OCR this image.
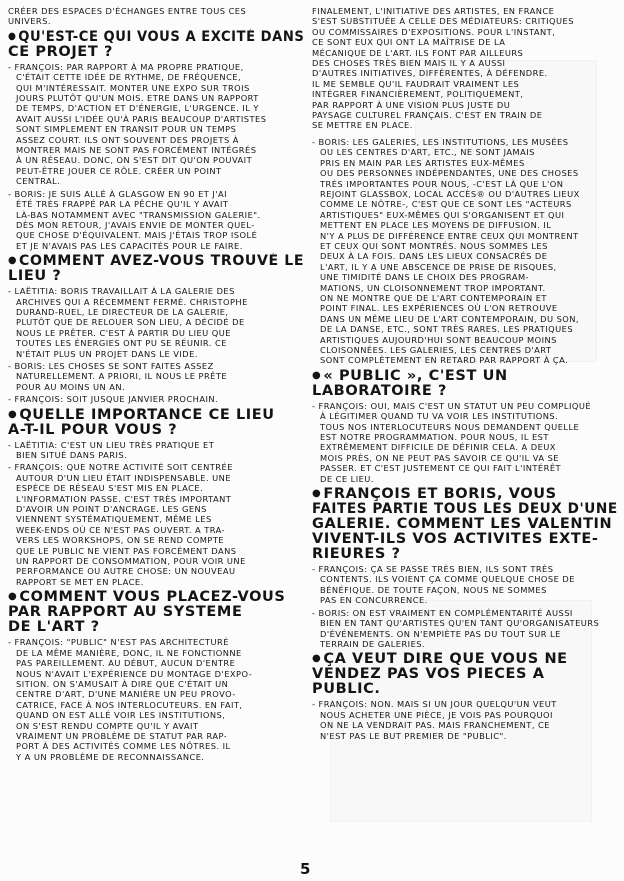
CRÉER DES ESPACES D'ÉCHANGES ENTRE TOUS CES
UNIVERS.
● QU'EST-CE QUI VOUS A EXCITÉ DANS
CE PROJET ?
- FRANÇOIS: PAR RAPPORT À MA PROPRE PRATIQUE,
C'ÉTAIT CETTE IDÉE DE RYTHME, DE FRÉQUENCE,
QUI M'INTÉRESSAIT. MONTER UNE EXPO SUR TROIS
JOURS PLUTÔT QU'UN MOIS. ETRE DANS UN RAPPORT
DE TEMPS, D'ACTION ET D'ÉNERGIE, L'URGENCE. IL Y
AVAIT AUSSI L'IDÉE QU'À PARIS BEAUCOUP D'ARTISTES
SONT SIMPLEMENT EN TRANSIT POUR UN TEMPS
ASSEZ COURT. ILS ONT SOUVENT DES PROJETS À
MONTRER MAIS NE SONT PAS FORCÉMENT INTÉGRÉS
À UN RÉSEAU. DONC, ON S'EST DIT QU'ON POUVAIT
PEUT-ÊTRE JOUER CE RÔLE. CRÉER UN POINT
CENTRAL.
- BORIS: JE SUIS ALLÉ À GLASGOW EN 90 ET J'AI
ÉTÉ TRÈS FRAPPÉ PAR LA PÊCHE QU'IL Y AVAIT
LÀ-BAS NOTAMMENT AVEC "TRANSMISSION GALERIE".
DÈS MON RETOUR, J'AVAIS ENVIE DE MONTER QUEL-
QUE CHOSE D'ÉQUIVALENT. MAIS J'ÉTAIS TROP ISOLÉ
ET JE N'AVAIS PAS LES CAPACITÉS POUR LE FAIRE.
● COMMENT AVEZ-VOUS TROUVÉ LE
LIEU ?
- LAËTITIA: BORIS TRAVAILLAIT À LA GALERIE DES
ARCHIVES QUI A RÉCEMMENT FERMÉ. CHRISTOPHE
DURAND-RUEL, LE DIRECTEUR DE LA GALERIE,
PLUTÔT QUE DE RELOUER SON LIEU, A DÉCIDÉ DE
NOUS LE PRÊTER. C'EST À PARTIR DU LIEU QUE
TOUTES LES ÉNERGIES ONT PU SE RÉUNIR. CE
N'ÉTAIT PLUS UN PROJET DANS LE VIDE.
- BORIS: LES CHOSES SE SONT FAITES ASSEZ
NATURELLEMENT. A PRIORI, IL NOUS LE PRÊTE
POUR AU MOINS UN AN.
- FRANÇOIS: SOIT JUSQUE JANVIER PROCHAIN.
● QUELLE IMPORTANCE CE LIEU
A-T-IL POUR VOUS ?
- LAËTITIA: C'EST UN LIEU TRÈS PRATIQUE ET
BIEN SITUÉ DANS PARIS.
- FRANÇOIS: QUE NOTRE ACTIVITÉ SOIT CENTRÉE
AUTOUR D'UN LIEU ÉTAIT INDISPENSABLE. UNE
ESPÈCE DE RÉSEAU S'EST MIS EN PLACE.
L'INFORMATION PASSE. C'EST TRÈS IMPORTANT
D'AVOIR UN POINT D'ANCRAGE. LES GENS
VIENNENT SYSTÉMATIQUEMENT, MÊME LES
WEEK-ENDS OÙ CE N'EST PAS OUVERT. A TRA-
VERS LES WORKSHOPS, ON SE REND COMPTE
QUE LE PUBLIC NE VIENT PAS FORCÉMENT DANS
UN RAPPORT DE CONSOMMATION, POUR VOIR UNE
PERFORMANCE OU AUTRE CHOSE: UN NOUVEAU
RAPPORT SE MET EN PLACE.
● COMMENT VOUS PLACEZ-VOUS
PAR RAPPORT AU SYSTÈME
DE L'ART ?
- FRANÇOIS: "PUBLIC" N'EST PAS ARCHITECTURÉ
DE LA MÊME MANIÈRE, DONC, IL NE FONCTIONNE
PAS PAREILLEMENT. AU DÉBUT, AUCUN D'ENTRE
NOUS N'AVAIT L'EXPÉRIENCE DU MONTAGE D'EXPO-
SITION. ON S'AMUSAIT À DIRE QUE C'ÉTAIT UN
CENTRE D'ART, D'UNE MANIÈRE UN PEU PROVO-
CATRICE, FACE À NOS INTERLOCUTEURS. EN FAIT,
QUAND ON EST ALLÉ VOIR LES INSTITUTIONS,
ON S'EST RENDU COMPTE QU'IL Y AVAIT
VRAIMENT UN PROBLÈME DE STATUT PAR RAP-
PORT À DES ACTIVITÉS COMME LES NÔTRES. IL
Y A UN PROBLÈME DE RECONNAISSANCE.
FINALEMENT, L'INITIATIVE DES ARTISTES, EN FRANCE
S'EST SUBSTITUÉE À CELLE DES MÉDIATEURS: CRITIQUES
OU COMMISSAIRES D'EXPOSITIONS. POUR L'INSTANT,
CE SONT EUX QUI ONT LA MAÎTRISE DE LA
MÉCANIQUE DE L'ART. ILS FONT PAR AILLEURS
DES CHOSES TRÈS BIEN MAIS IL Y A AUSSI
D'AUTRES INITIATIVES, DIFFÉRENTES, À DÉFENDRE.
IL ME SEMBLE QU'IL FAUDRAIT VRAIMENT LES
INTÉGRER FINANCIÈREMENT, POLITIQUEMENT,
PAR RAPPORT À UNE VISION PLUS JUSTE DU
PAYSAGE CULTUREL FRANÇAIS. C'EST EN TRAIN DE
SE METTRE EN PLACE.
- BORIS: LES GALERIES, LES INSTITUTIONS, LES MUSÉES
OU LES CENTRES D'ART, ETC., NE SONT JAMAIS
PRIS EN MAIN PAR LES ARTISTES EUX-MÊMES
OU DES PERSONNES INDÉPENDANTES, UNE DES CHOSES
TRÈS IMPORTANTES POUR NOUS, -C'EST LÀ QUE L'ON
REJOINT GLASSBOX, LOCAL ACCÈS® OU D'AUTRES LIEUX
COMME LE NÔTRE-, C'EST QUE CE SONT LES "ACTEURS
ARTISTIQUES" EUX-MÊMES QUI S'ORGANISENT ET QUI
METTENT EN PLACE LES MOYENS DE DIFFUSION. IL
N'Y A PLUS DE DIFFÉRENCE ENTRE CEUX QUI MONTRENT
ET CEUX QUI SONT MONTRÉS. NOUS SOMMES LES
DEUX À LA FOIS. DANS LES LIEUX CONSACRÉS DE
L'ART, IL Y A UNE ABSCENCE DE PRISE DE RISQUES,
UNE TIMIDITÉ DANS LE CHOIX DES PROGRAM-
MATIONS, UN CLOISONNEMENT TROP IMPORTANT.
ON NE MONTRE QUE DE L'ART CONTEMPORAIN ET
POINT FINAL. LES EXPÉRIENCES OÙ L'ON RETROUVE
DANS UN MÊME LIEU DE L'ART CONTEMPORAIN, DU SON,
DE LA DANSE, ETC., SONT TRÈS RARES. LES PRATIQUES
ARTISTIQUES AUJOURD'HUI SONT BEAUCOUP MOINS
CLOISONNÉES. LES GALERIES, LES CENTRES D'ART
SONT COMPLÈTEMENT EN RETARD PAR RAPPORT À ÇA.
● « PUBLIC », C'EST UN
LABORATOIRE ?
- FRANÇOIS: OUI, MAIS C'EST UN STATUT UN PEU COMPLIQUÉ
À LÉGITIMER QUAND TU VA VOIR LES INSTITUTIONS.
TOUS NOS INTERLOCUTEURS NOUS DEMANDENT QUELLE
EST NOTRE PROGRAMMATION. POUR NOUS, IL EST
EXTRÊMEMENT DIFFICILE DE DÉFINIR CELA. A DEUX
MOIS PRÈS, ON NE PEUT PAS SAVOIR CE QU'IL VA SE
PASSER. ET C'EST JUSTEMENT CE QUI FAIT L'INTÉRÊT
DE CE LIEU.
● FRANÇOIS ET BORIS, VOUS
FAITES PARTIE TOUS LES DEUX D'UNE
GALERIE. COMMENT LES VALENTIN
VIVENT-ILS VOS ACTIVITÉS EXTÉ-
RIEURES ?
- FRANÇOIS: ÇA SE PASSE TRÈS BIEN, ILS SONT TRÈS
CONTENTS. ILS VOIENT ÇA COMME QUELQUE CHOSE DE
BÉNÉFIQUE. DE TOUTE FAÇON, NOUS NE SOMMES
PAS EN CONCURRENCE.
- BORIS: ON EST VRAIMENT EN COMPLÉMENTARITÉ AUSSI
BIEN EN TANT QU'ARTISTES QU'EN TANT QU'ORGANISATEURS
D'ÉVÉNEMENTS. ON N'EMPIÈTE PAS DU TOUT SUR LE
TERRAIN DE GALERIES.
● ÇA VEUT DIRE QUE VOUS NE
VENDEZ PAS VOS PIÈCES À
PUBLIC.
- FRANÇOIS: NON. MAIS SI UN JOUR QUELQU'UN VEUT
NOUS ACHETER UNE PIÈCE, JE VOIS PAS POURQUOI
ON NE LA VENDRAIT PAS. MAIS FRANCHEMENT, CE
N'EST PAS LE BUT PREMIER DE "PUBLIC".
5
